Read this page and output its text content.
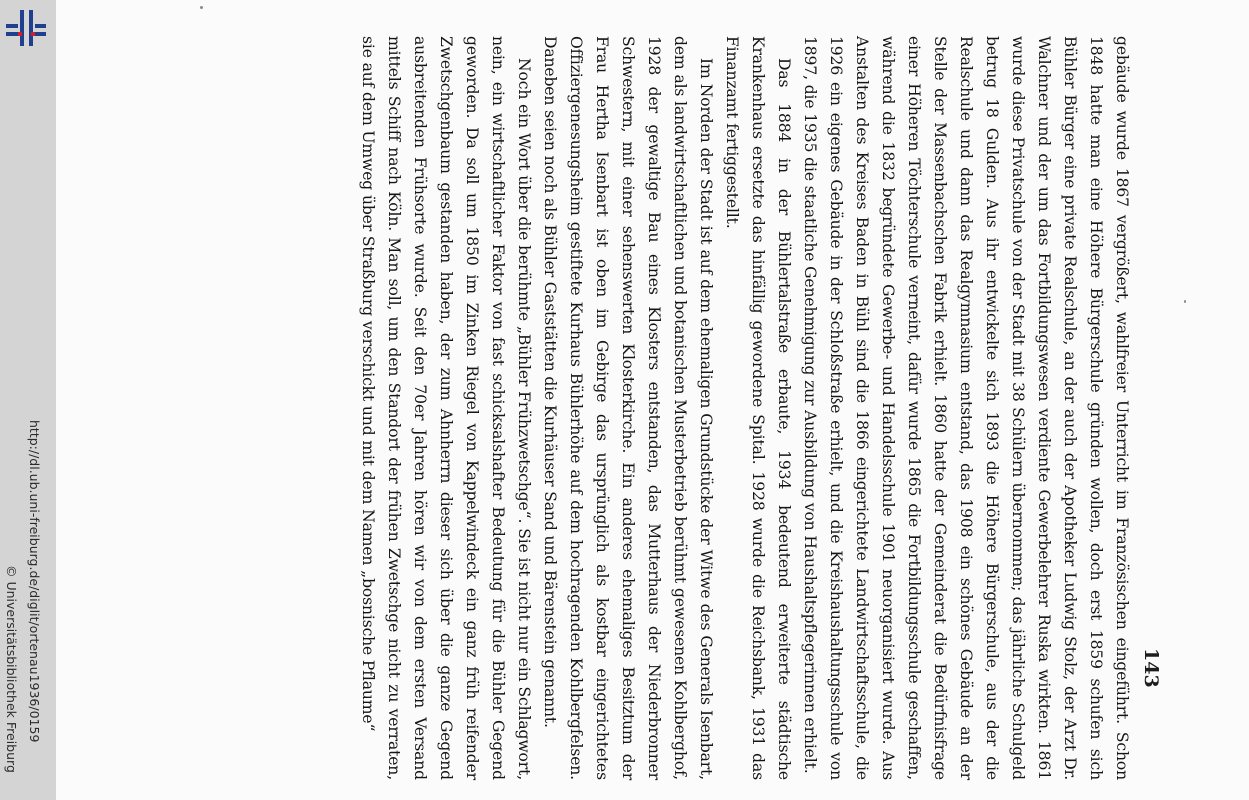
http://dl.ub.uni-freiburg.de/diglit/ortenau1936/0159
© Universitätsbibliothek Freiburg	143

gebäude wurde 1867 vergrößert, wahlfreier Unterricht im Französischen eingeführt. Schon 1848 hatte man eine Höhere Bürgerschule gründen wollen, doch erst 1859 schufen sich Bühler Bürger eine private Realschule, an der auch der Apotheker Ludwig Stolz, der Arzt Dr. Walchner und der um das Fortbildungswesen verdiente Gewerbelehrer Ruska wirkten. 1861 wurde diese Privatschule von der Stadt mit 38 Schülern übernommen; das jährliche Schulgeld betrug 18 Gulden. Aus ihr entwickelte sich 1893 die Höhere Bürgerschule, aus der die Realschule und dann das Realgymnasium entstand, das 1908 ein schönes Gebäude an der Stelle der Massenbachschen Fabrik erhielt. 1860 hatte der Gemeinderat die Bedürfnisfrage einer Höheren Töchterschule verneint, dafür wurde 1865 die Fortbildungsschule geschaffen, während die 1832 begründete Gewerbe- und Handelsschule 1901 neuorganisiert wurde. Aus Anstalten des Kreises Baden in Bühl sind die 1866 eingerichtete Landwirtschaftsschule, die 1926 ein eigenes Gebäude in der Schloßstraße erhielt, und die Kreishaushaltungsschule von 1897, die 1935 die staatliche Genehmigung zur Ausbildung von Haushaltspflegerinnen erhielt.

Das 1884 in der Bühlertalstraße erbaute, 1934 bedeutend erweiterte städtische Krankenhaus ersetzte das hinfällig gewordene Spital. 1928 wurde die Reichsbank, 1931 das Finanzamt fertiggestellt.

Im Norden der Stadt ist auf dem ehemaligen Grundstücke der Witwe des Generals Isenbart, dem als landwirtschaftlichen und botanischen Musterbetrieb berühmt gewesenen Kohlberghof, 1928 der gewaltige Bau eines Klosters entstanden, das Mutterhaus der Niederbronner Schwestern, mit einer sehenswerten Klosterkirche. Ein anderes ehemaliges Besitztum der Frau Hertha Isenbart ist oben im Gebirge das ursprünglich als kostbar eingerichtetes Offiziergenesungsheim gestiftete Kurhaus Bühlerhöhe auf dem hochragenden Kohlbergfelsen. Daneben seien noch als Bühler Gaststätten die Kurhäuser Sand und Bärenstein genannt.

Noch ein Wort über die berühmte „Bühler Frühzwetschge“. Sie ist nicht nur ein Schlagwort, nein, ein wirtschaftlicher Faktor von fast schicksalshafter Bedeutung für die Bühler Gegend geworden. Da soll um 1850 im Zinken Riegel von Kappelwindeck ein ganz früh reifender Zwetschgenbaum gestanden haben, der zum Ahnherrn dieser sich über die ganze Gegend ausbreitenden Frühsorte wurde. Seit den 70er Jahren hören wir von dem ersten Versand mittels Schiff nach Köln. Man soll, um den Standort der frühen Zwetschge nicht zu verraten, sie auf dem Umweg über Straßburg verschickt und mit dem Namen „bosnische Pflaume“
